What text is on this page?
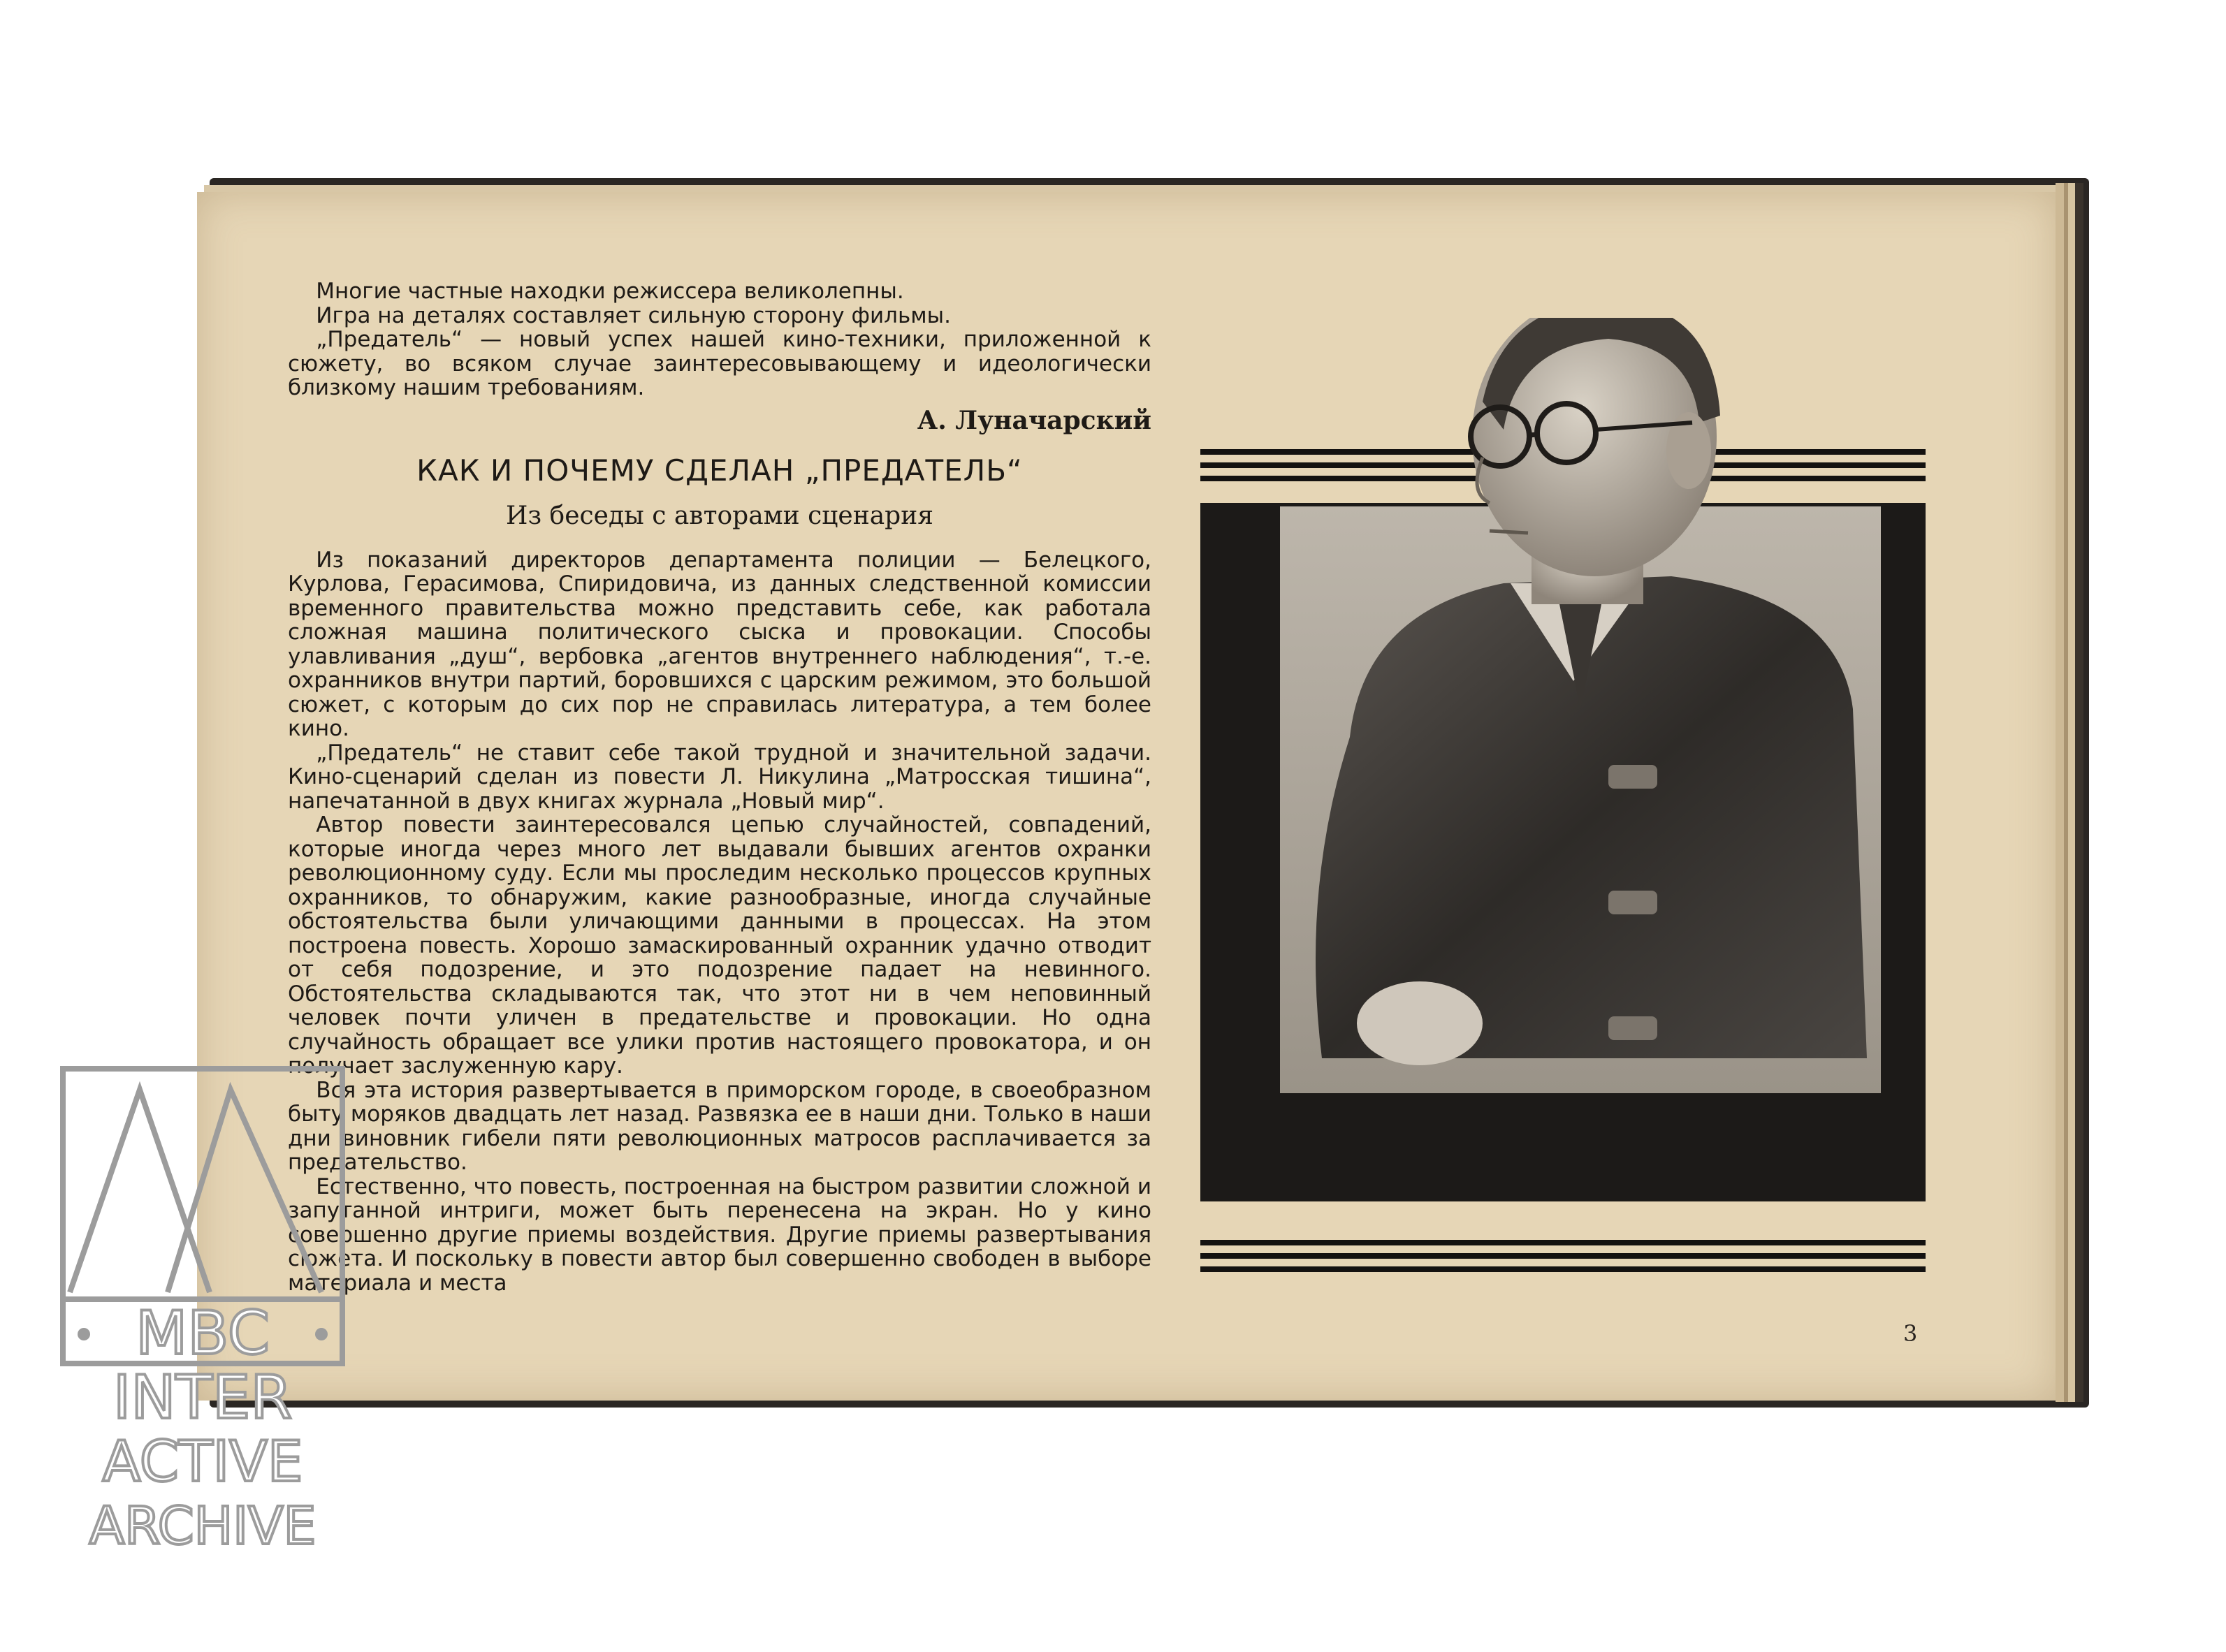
Многие частные находки режиссера великолепны.

Игра на деталях составляет сильную сторону фильмы.

„Предатель“ — новый успех нашей кино-техники, приложенной к сюжету, во всяком случае заинтересовывающему и идеологически близкому нашим требованиям.

А. Луначарский
КАК И ПОЧЕМУ СДЕЛАН „ПРЕДАТЕЛЬ“
Из беседы с авторами сценария

Из показаний директоров департамента полиции — Белецкого, Курлова, Герасимова, Спиридовича, из данных следственной комиссии временного правительства можно представить себе, как работала сложная машина политического сыска и провокации. Способы улавливания „душ“, вербовка „агентов внутреннего наблюдения“, т.-е. охранников внутри партий, боровшихся с царским режимом, это большой сюжет, с которым до сих пор не справилась литература, а тем более кино.

„Предатель“ не ставит себе такой трудной и значительной задачи. Кино-сценарий сделан из повести Л. Никулина „Матросская тишина“, напечатанной в двух книгах журнала „Новый мир“.

Автор повести заинтересовался цепью случайностей, совпадений, которые иногда через много лет выдавали бывших агентов охранки революционному суду. Если мы проследим несколько процессов крупных охранников, то обнаружим, какие разнообразные, иногда случайные обстоятельства были уличающими данными в процессах. На этом построена повесть. Хорошо замаскированный охранник удачно отводит от себя подозрение, и это подозрение падает на невинного. Обстоятельства складываются так, что этот ни в чем неповинный человек почти уличен в предательстве и провокации. Но одна случайность обращает все улики против настоящего провокатора, и он получает заслуженную кару.

Вся эта история развертывается в приморском городе, в своеобразном быту моряков двадцать лет назад. Развязка ее в наши дни. Только в наши дни виновник гибели пяти революционных матросов расплачивается за предательство.

Естественно, что повесть, построенная на быстром развитии сложной и запутанной интриги, может быть перенесена на экран. Но у кино совершенно другие приемы воздействия. Другие приемы развертывания сюжета. И поскольку в повести автор был совершенно свободен в выборе материала и места

3
MBC
INTER
ACTIVE
ARCHIVE
